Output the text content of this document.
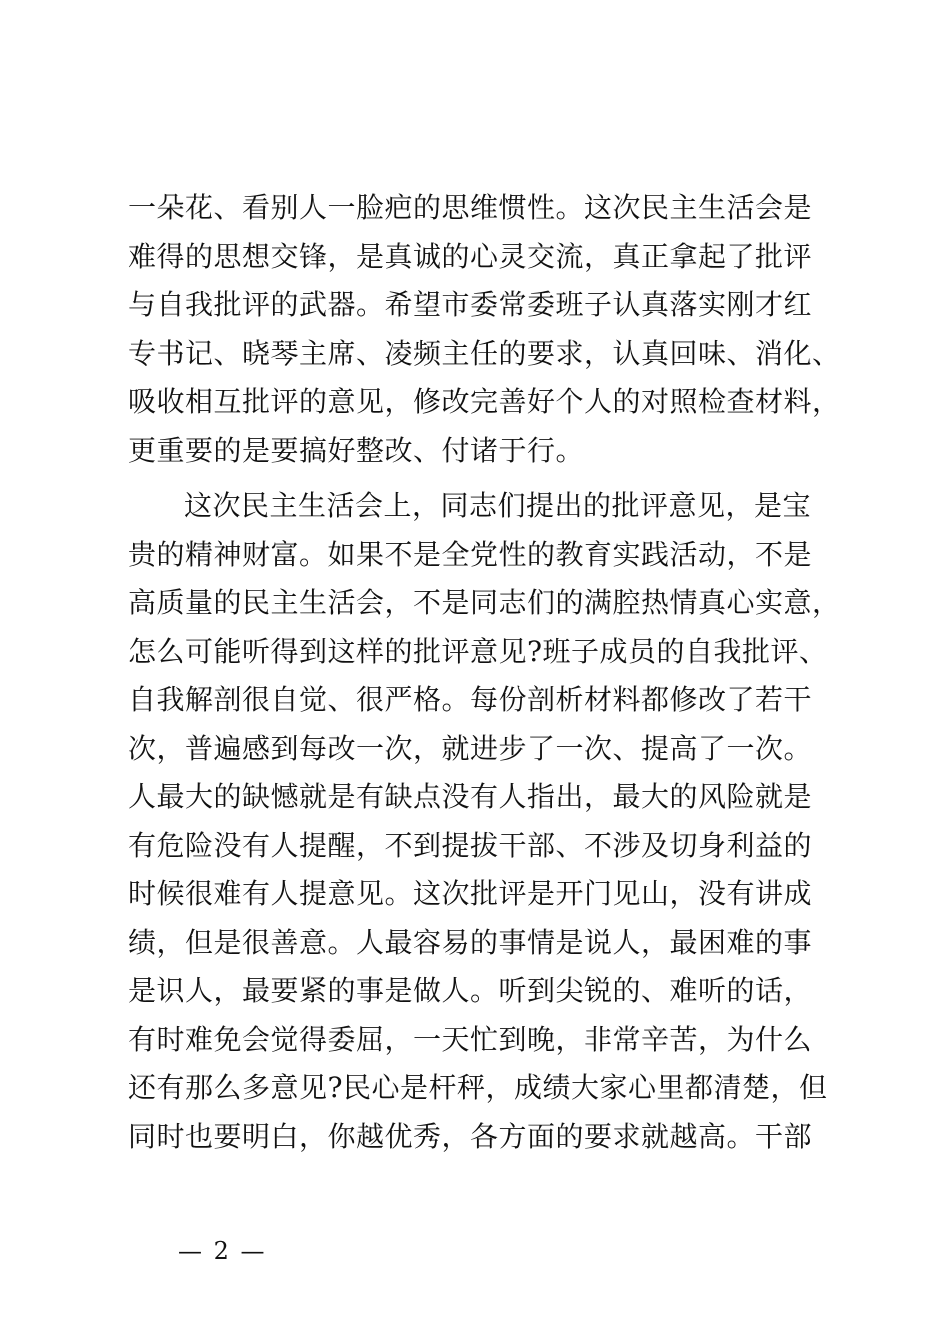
一朵花、看别人一脸疤的思维惯性。这次民主生活会是
难得的思想交锋，是真诚的心灵交流，真正拿起了批评
与自我批评的武器。希望市委常委班子认真落实刚才红
专书记、晓琴主席、凌频主任的要求，认真回味、消化、
吸收相互批评的意见，修改完善好个人的对照检查材料，
更重要的是要搞好整改、付诸于行。
这次民主生活会上，同志们提出的批评意见，是宝
贵的精神财富。如果不是全党性的教育实践活动，不是
高质量的民主生活会，不是同志们的满腔热情真心实意，
怎么可能听得到这样的批评意见?班子成员的自我批评、
自我解剖很自觉、很严格。每份剖析材料都修改了若干
次，普遍感到每改一次，就进步了一次、提高了一次。
人最大的缺憾就是有缺点没有人指出，最大的风险就是
有危险没有人提醒，不到提拔干部、不涉及切身利益的
时候很难有人提意见。这次批评是开门见山，没有讲成
绩，但是很善意。人最容易的事情是说人，最困难的事
是识人，最要紧的事是做人。听到尖锐的、难听的话，
有时难免会觉得委屈，一天忙到晚，非常辛苦，为什么
还有那么多意见?民心是杆秤，成绩大家心里都清楚，但
同时也要明白，你越优秀，各方面的要求就越高。干部
— 2 —
